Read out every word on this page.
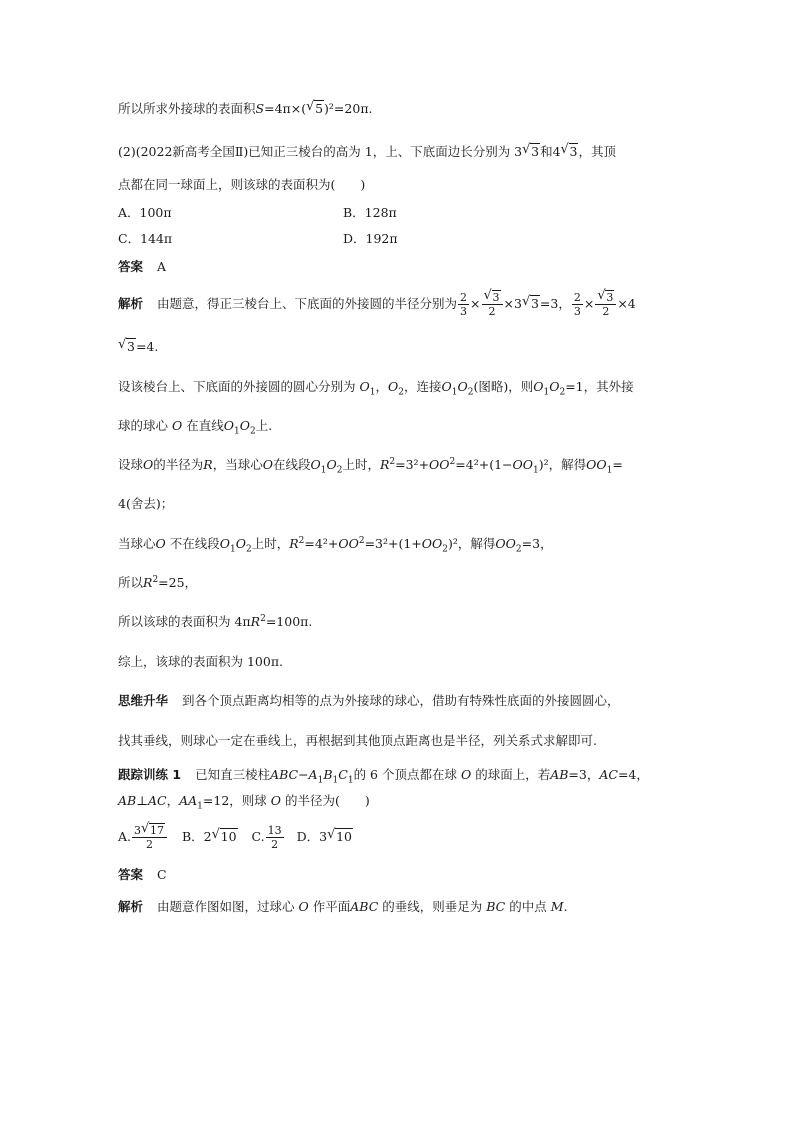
所以所求外接球的表面积S=4π×(√ 5)²=20π.
(2)(2022新高考全国Ⅱ)已知正三棱台的高为 1，上、下底面边长分别为 3√ 3和4√ 3，其顶
点都在同一球面上，则该球的表面积为(　　)
A．100π	B．128π
C．144π	D．192π
答案 A
解析 由题意，得正三棱台上、下底面的外接圆的半径分别为 $\frac{2}{3}$ ×
√ $\frac{3}{2} \times 3√$ 3=3， $\frac{2}{3}$ ×
√ $\frac{3}{2} \times 4$
√ 3=4.
设该棱台上、下底面的外接圆的圆心分别为 $O_1$，$O_2$，连接$O_1O_2$(图略)，则$O_1O_2=1$，其外接
球的球心 O 在直线$O_1O_2$上.
设球O的半径为R，当球心O在线段$O_1O_2$上时，$R^2=3^2+OO^2=4^2+(1-OO_1)^2$，解得$OO_1=$
4(舍去)；
当球心O 不在线段$O_1O_2$上时，$R^2=4^2+OO^2=3^2+(1+OO_2)^2$，解得$OO_2=3$，
所以$R^2=25$，
所以该球的表面积为 $4\pi R^2=100\pi$.
综上，该球的表面积为 100π.
思维升华 到各个顶点距离均相等的点为外接球的球心，借助有特殊性底面的外接圆圆心，
找其垂线，则球心一定在垂线上，再根据到其他顶点距离也是半径，列关系式求解即可.
跟踪训练 1 已知直三棱柱$ABC-A_1B_1C_1$的 6 个顶点都在球 O 的球面上，若AB=3，AC=4，
AB⊥AC，$AA_1=12$，则球 O 的半径为(　　)
A. $\frac{3√ 17}{2}$ B．2√ 10 C. $\frac{13}{2}$ D．3√ 10
答案 C
解析 由题意作图如图，过球心 O 作平面ABC 的垂线，则垂足为 BC 的中点 M.
